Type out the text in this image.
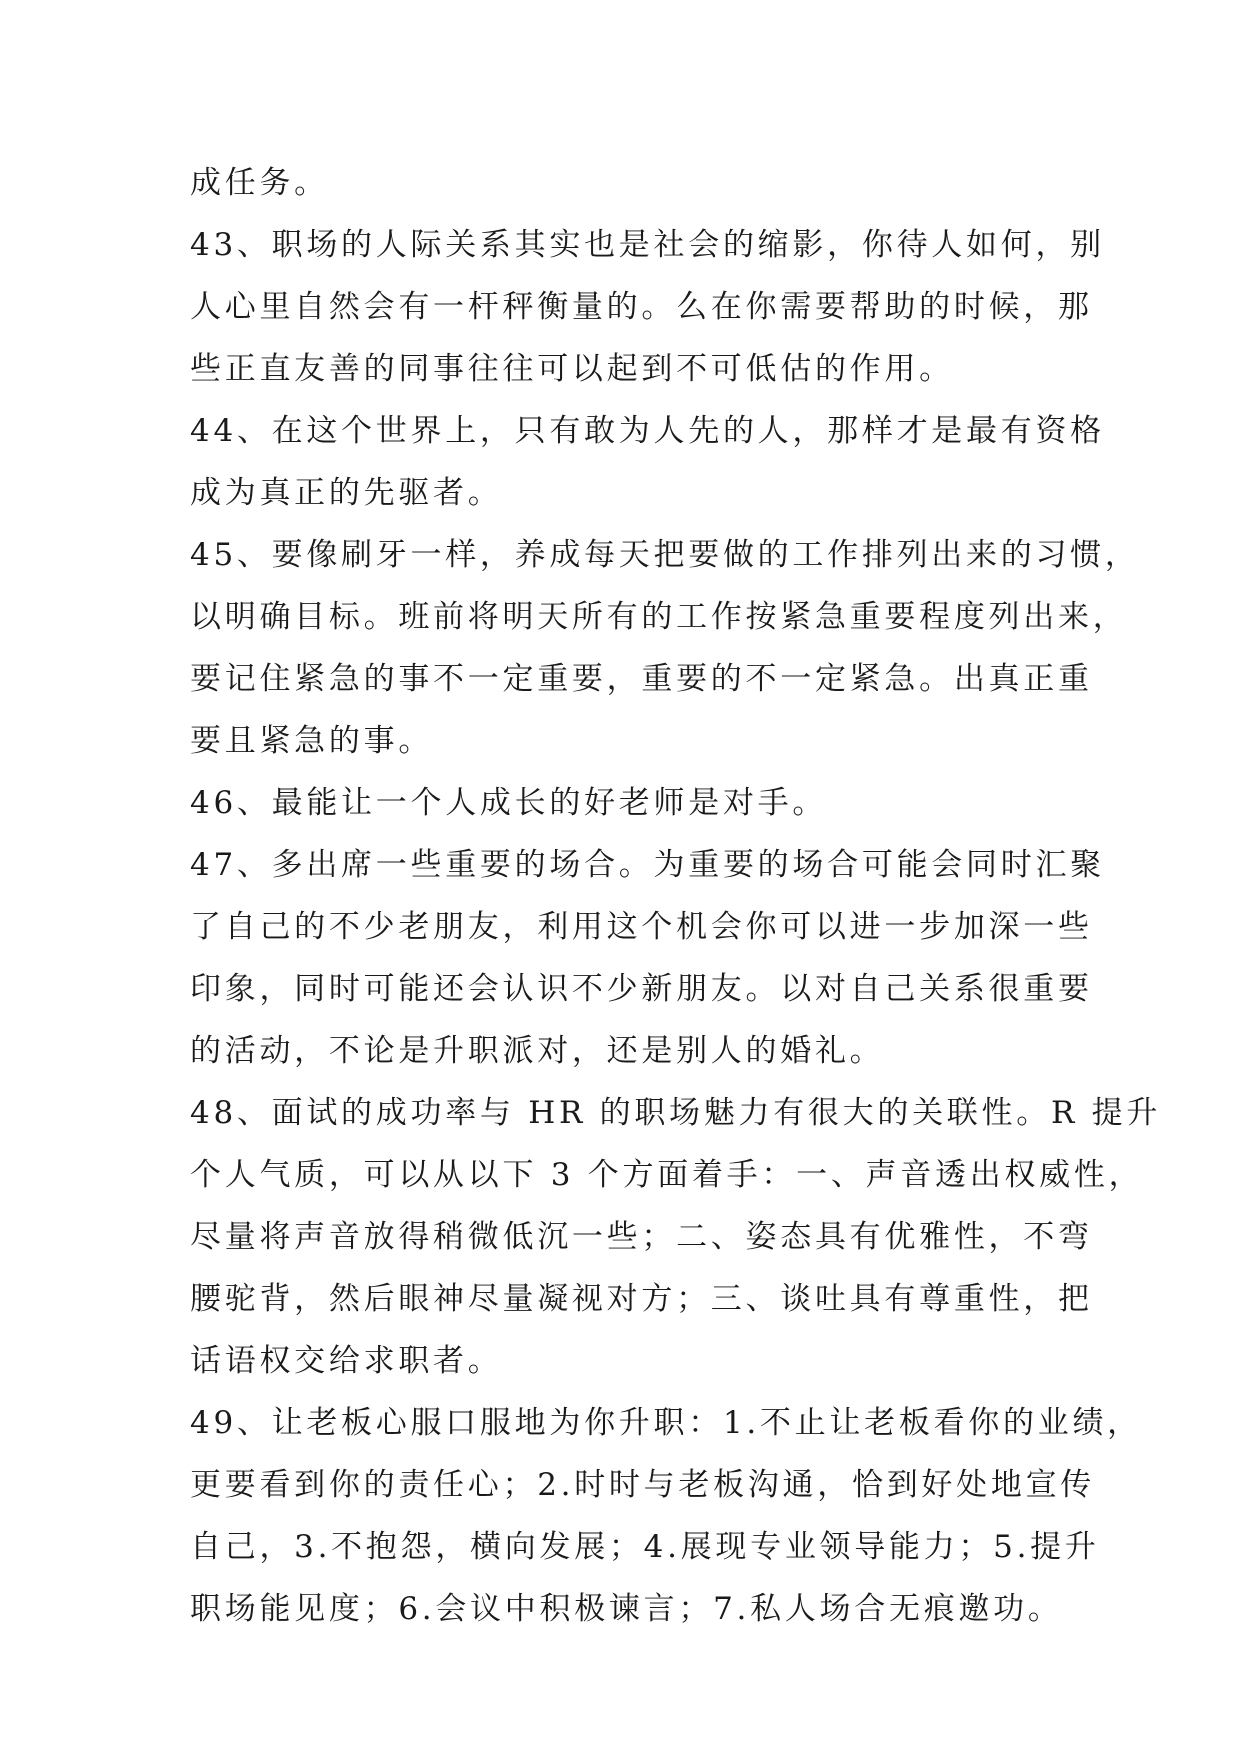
成任务。
43、职场的人际关系其实也是社会的缩影，你待人如何，别
人心里自然会有一杆秤衡量的。么在你需要帮助的时候，那
些正直友善的同事往往可以起到不可低估的作用。
44、在这个世界上，只有敢为人先的人，那样才是最有资格
成为真正的先驱者。
45、要像刷牙一样，养成每天把要做的工作排列出来的习惯，
以明确目标。班前将明天所有的工作按紧急重要程度列出来，
要记住紧急的事不一定重要，重要的不一定紧急。出真正重
要且紧急的事。
46、最能让一个人成长的好老师是对手。
47、多出席一些重要的场合。为重要的场合可能会同时汇聚
了自己的不少老朋友，利用这个机会你可以进一步加深一些
印象，同时可能还会认识不少新朋友。以对自己关系很重要
的活动，不论是升职派对，还是别人的婚礼。
48、面试的成功率与 HR 的职场魅力有很大的关联性。R 提升
个人气质，可以从以下 3 个方面着手：一、声音透出权威性，
尽量将声音放得稍微低沉一些；二、姿态具有优雅性，不弯
腰驼背，然后眼神尽量凝视对方；三、谈吐具有尊重性，把
话语权交给求职者。
49、让老板心服口服地为你升职：1.不止让老板看你的业绩，
更要看到你的责任心；2.时时与老板沟通，恰到好处地宣传
自己，3.不抱怨，横向发展；4.展现专业领导能力；5.提升
职场能见度；6.会议中积极谏言；7.私人场合无痕邀功。
